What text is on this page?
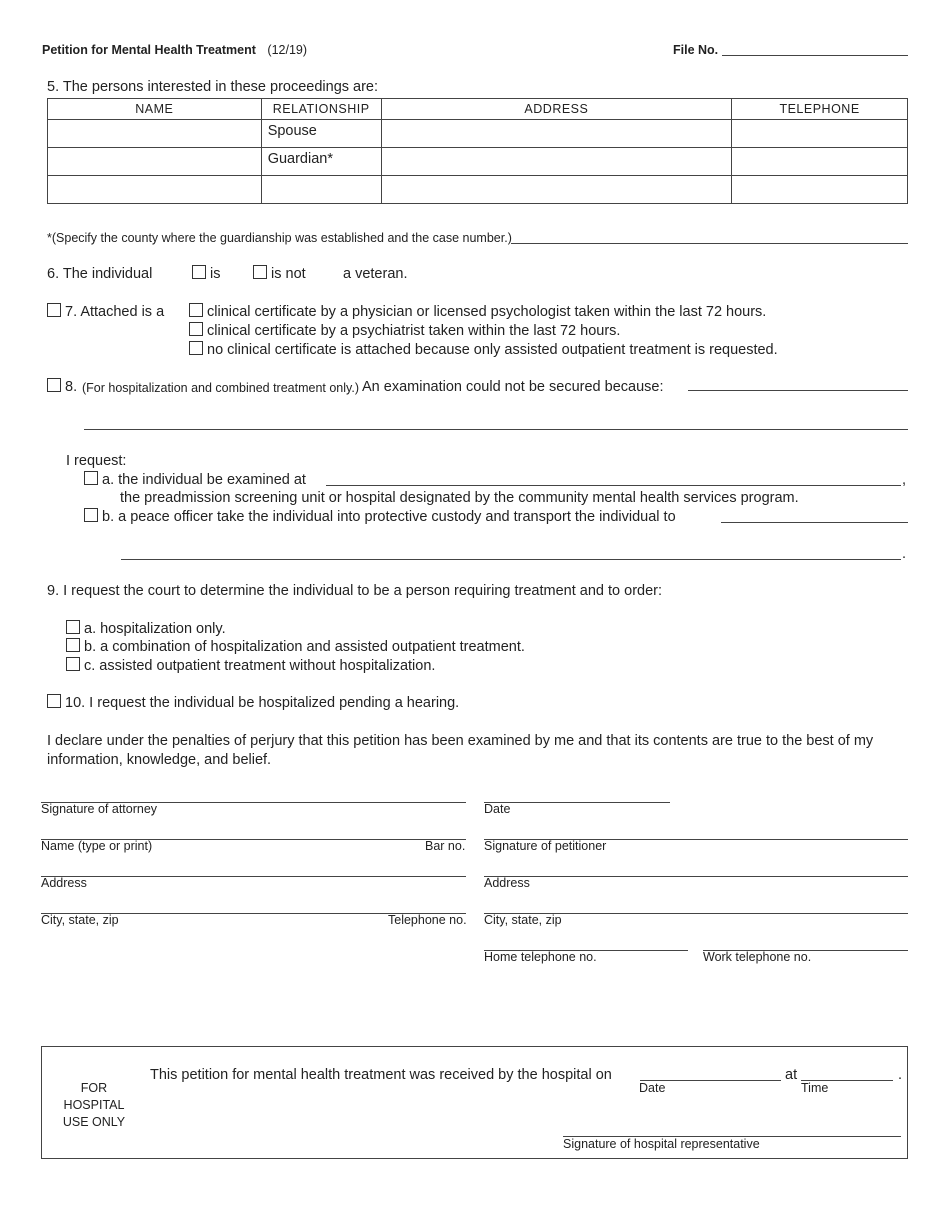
Petition for Mental Health Treatment (12/19)	File No.
5. The persons interested in these proceedings are:
NAME	RELATIONSHIP	ADDRESS	TELEPHONE
	Spouse		
	Guardian*		

*(Specify the county where the guardianship was established and the case number.)
6. The individual	is	is not	a veteran.
7. Attached is a	clinical certificate by a physician or licensed psychologist taken within the last 72 hours.
clinical certificate by a psychiatrist taken within the last 72 hours.
no clinical certificate is attached because only assisted outpatient treatment is requested.
8. (For hospitalization and combined treatment only.) An examination could not be secured because:
I request:
a. the individual be examined at	,
the preadmission screening unit or hospital designated by the community mental health services program.
b. a peace officer take the individual into protective custody and transport the individual to
.
9. I request the court to determine the individual to be a person requiring treatment and to order:
a. hospitalization only.
b. a combination of hospitalization and assisted outpatient treatment.
c. assisted outpatient treatment without hospitalization.
10. I request the individual be hospitalized pending a hearing.
I declare under the penalties of perjury that this petition has been examined by me and that its contents are true to the best of my information, knowledge, and belief.
Signature of attorney
Name (type or print)	Bar no.
Address
City, state, zip	Telephone no.
Date
Signature of petitioner
Address
City, state, zip
Home telephone no.	Work telephone no.
FOR
HOSPITAL
USE ONLY
This petition for mental health treatment was received by the hospital on
Date
at
Time
.
Signature of hospital representative
